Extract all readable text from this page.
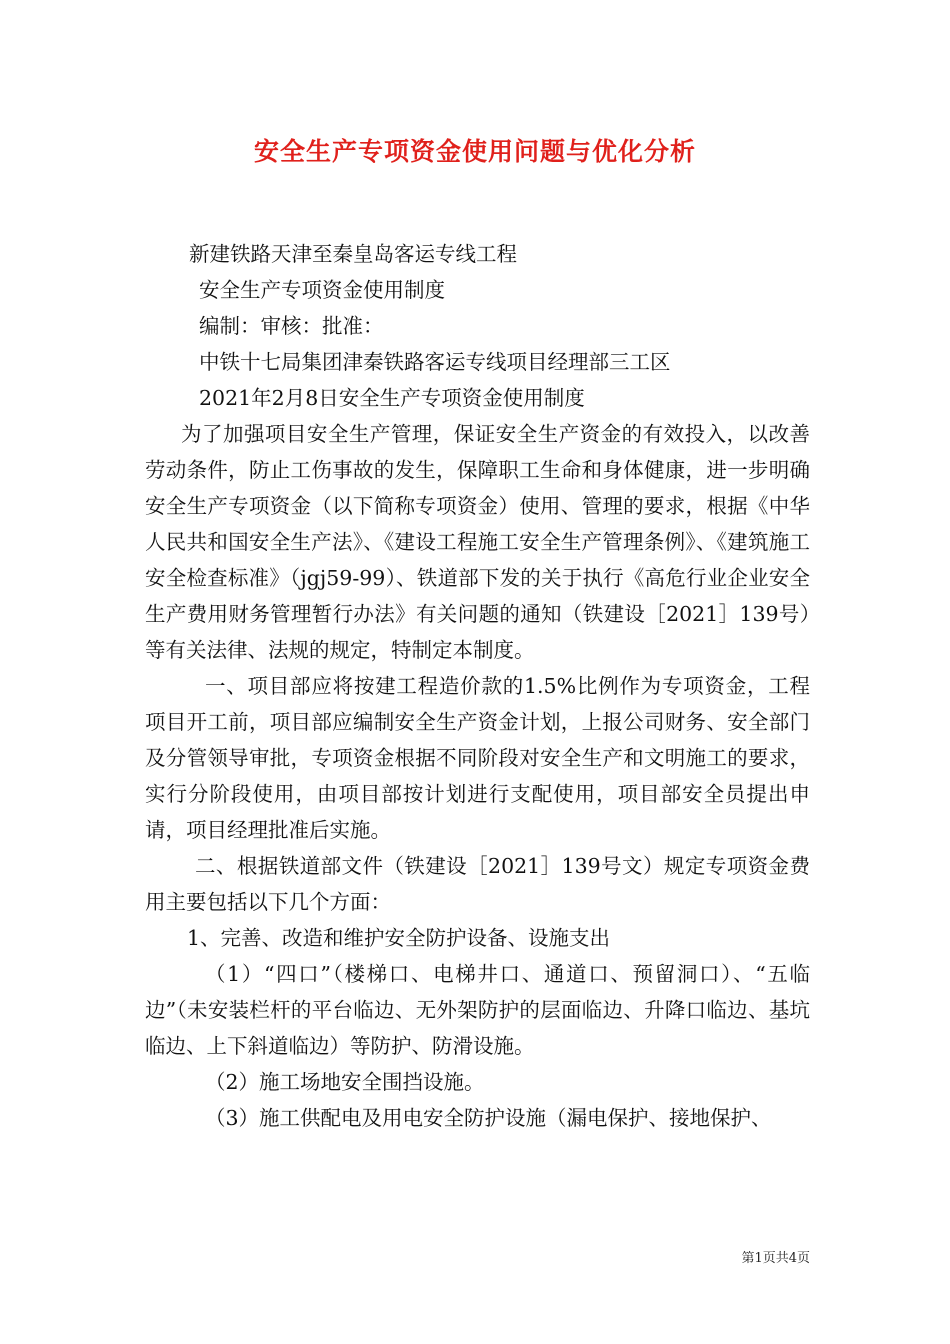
安全生产专项资金使用问题与优化分析
新建铁路天津至秦皇岛客运专线工程
安全生产专项资金使用制度
编制：审核：批准：
中铁十七局集团津秦铁路客运专线项目经理部三工区
2021年2月8日安全生产专项资金使用制度
为了加强项目安全生产管理，保证安全生产资金的有效投入，以改善劳动条件，防止工伤事故的发生，保障职工生命和身体健康，进一步明确安全生产专项资金（以下简称专项资金）使用、管理的要求，根据《中华人民共和国安全生产法》、《建设工程施工安全生产管理条例》、《建筑施工安全检查标准》（jgj59-99）、铁道部下发的关于执行《高危行业企业安全生产费用财务管理暂行办法》有关问题的通知（铁建设［2021］139号）等有关法律、法规的规定，特制定本制度。
一、项目部应将按建工程造价款的1.5%比例作为专项资金，工程项目开工前，项目部应编制安全生产资金计划，上报公司财务、安全部门及分管领导审批，专项资金根据不同阶段对安全生产和文明施工的要求，实行分阶段使用，由项目部按计划进行支配使用，项目部安全员提出申请，项目经理批准后实施。
二、根据铁道部文件（铁建设［2021］139号文）规定专项资金费用主要包括以下几个方面：
1、完善、改造和维护安全防护设备、设施支出
（1）“四口”（楼梯口、电梯井口、通道口、预留洞口）、“五临边”（未安装栏杆的平台临边、无外架防护的层面临边、升降口临边、基坑临边、上下斜道临边）等防护、防滑设施。
（2）施工场地安全围挡设施。
（3）施工供配电及用电安全防护设施（漏电保护、接地保护、
第1页共4页
